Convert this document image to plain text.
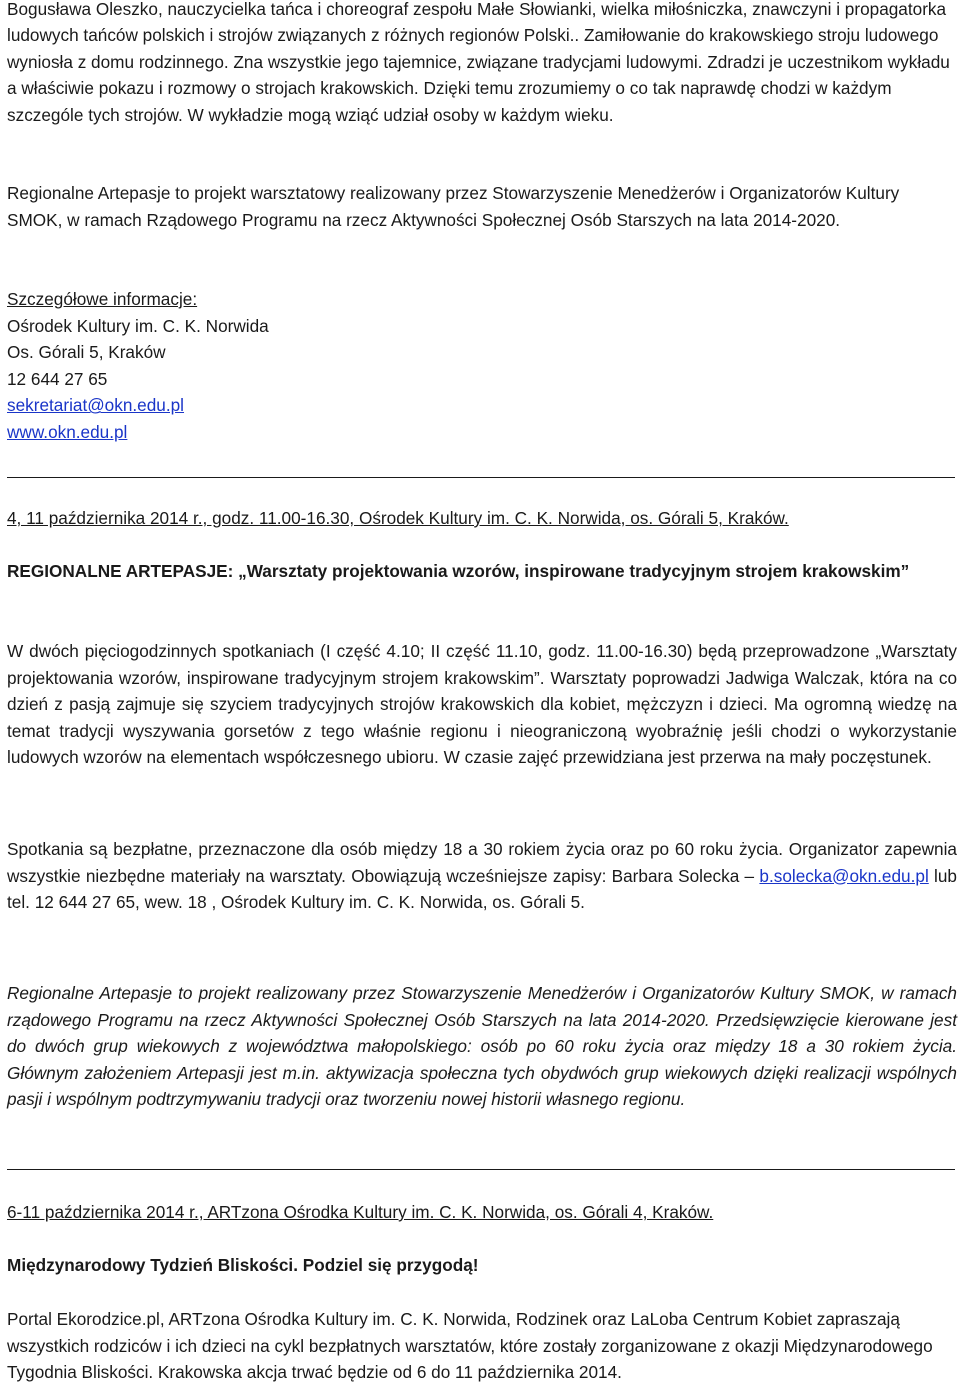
Bogusława Oleszko, nauczycielka tańca i choreograf zespołu Małe Słowianki, wielka miłośniczka, znawczyni i propagatorka ludowych tańców polskich i strojów związanych z różnych regionów Polski.. Zamiłowanie do krakowskiego stroju ludowego wyniosła z domu rodzinnego. Zna wszystkie jego tajemnice, związane tradycjami ludowymi. Zdradzi je uczestnikom wykładu a właściwie pokazu i rozmowy o strojach krakowskich. Dzięki temu zrozumiemy o co tak naprawdę chodzi w każdym szczególe tych strojów. W wykładzie mogą wziąć udział osoby w każdym wieku.

Regionalne Artepasje to projekt warsztatowy realizowany przez Stowarzyszenie Menedżerów i Organizatorów Kultury SMOK, w ramach Rządowego Programu na rzecz Aktywności Społecznej Osób Starszych na lata 2014-2020.

Szczegółowe informacje:

Ośrodek Kultury im. C. K. Norwida

Os. Górali 5, Kraków

12 644 27 65

sekretariat@okn.edu.pl

www.okn.edu.pl

4, 11 października 2014 r., godz. 11.00-16.30, Ośrodek Kultury im. C. K. Norwida, os. Górali 5, Kraków.

REGIONALNE ARTEPASJE: „Warsztaty projektowania wzorów, inspirowane tradycyjnym strojem krakowskim”

W dwóch pięciogodzinnych spotkaniach (I część 4.10; II część 11.10, godz. 11.00-16.30) będą przeprowadzone „Warsztaty projektowania wzorów, inspirowane tradycyjnym strojem krakowskim”. Warsztaty poprowadzi Jadwiga Walczak, która na co dzień z pasją zajmuje się szyciem tradycyjnych strojów krakowskich dla kobiet, mężczyzn i dzieci. Ma ogromną wiedzę na temat tradycji wyszywania gorsetów z tego właśnie regionu i nieograniczoną wyobraźnię jeśli chodzi o wykorzystanie ludowych wzorów na elementach współczesnego ubioru. W czasie zajęć przewidziana jest przerwa na mały poczęstunek.

Spotkania są bezpłatne, przeznaczone dla osób między 18 a 30 rokiem życia oraz po 60 roku życia. Organizator zapewnia wszystkie niezbędne materiały na warsztaty. Obowiązują wcześniejsze zapisy: Barbara Solecka – b.solecka@okn.edu.pl lub tel. 12 644 27 65, wew. 18 , Ośrodek Kultury im. C. K. Norwida, os. Górali 5.

Regionalne Artepasje to projekt realizowany przez Stowarzyszenie Menedżerów i Organizatorów Kultury SMOK, w ramach rządowego Programu na rzecz Aktywności Społecznej Osób Starszych na lata 2014-2020. Przedsięwzięcie kierowane jest do dwóch grup wiekowych z województwa małopolskiego: osób po 60 roku życia oraz między 18 a 30 rokiem życia. Głównym założeniem Artepasji jest m.in. aktywizacja społeczna tych obydwóch grup wiekowych dzięki realizacji wspólnych pasji i wspólnym podtrzymywaniu tradycji oraz tworzeniu nowej historii własnego regionu.

6-11 października 2014 r., ARTzona Ośrodka Kultury im. C. K. Norwida, os. Górali 4, Kraków.

Międzynarodowy Tydzień Bliskości. Podziel się przygodą!

Portal Ekorodzice.pl, ARTzona Ośrodka Kultury im. C. K. Norwida, Rodzinek oraz LaLoba Centrum Kobiet zapraszają wszystkich rodziców i ich dzieci na cykl bezpłatnych warsztatów, które zostały zorganizowane z okazji Międzynarodowego Tygodnia Bliskości. Krakowska akcja trwać będzie od 6 do 11 października 2014.
